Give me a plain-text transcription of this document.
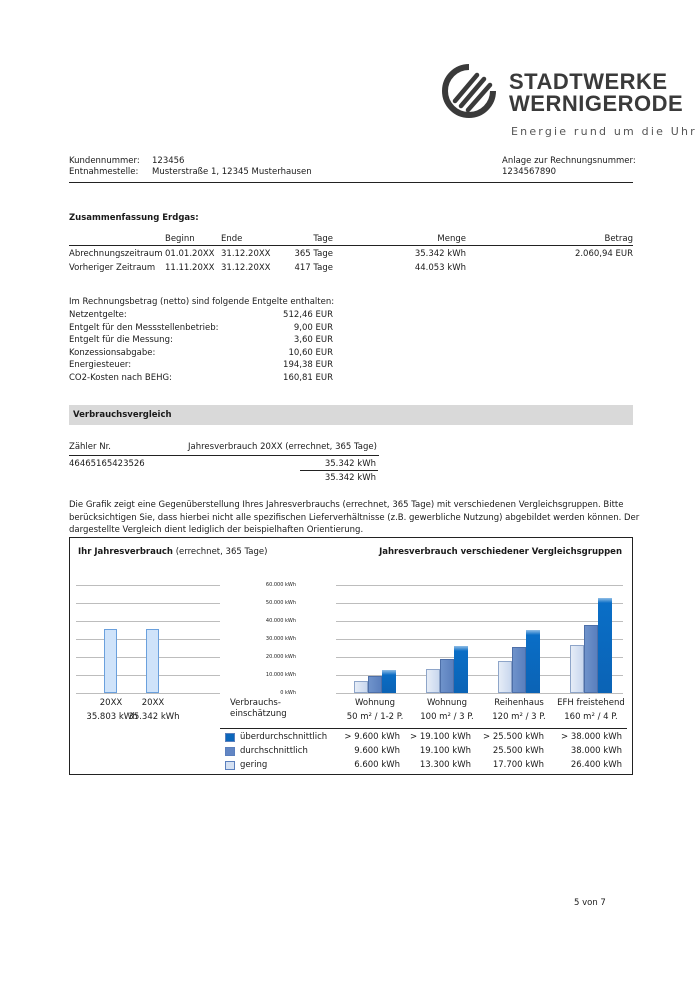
STADTWERKE
WERNIGERODE
Energie rund um die Uhr
Kundennummer: 123456
Entnahmestelle: Musterstraße 1, 12345 Musterhausen
Anlage zur Rechnungsnummer:
1234567890
Zusammenfassung Erdgas:
Beginn	Ende	Tage	Menge	Betrag
Abrechnungszeitraum 01.01.20XX 31.12.20XX	365 Tage	35.342 kWh	2.060,94 EUR
Vorheriger Zeitraum 11.11.20XX 31.12.20XX	417 Tage	44.053 kWh
Im Rechnungsbetrag (netto) sind folgende Entgelte enthalten:
Netzentgelte:	512,46 EUR
Entgelt für den Messstellenbetrieb:	9,00 EUR
Entgelt für die Messung:	3,60 EUR
Konzessionsabgabe:	10,60 EUR
Energiesteuer:	194,38 EUR
CO2-Kosten nach BEHG:	160,81 EUR
Verbrauchsvergleich
Zähler Nr.	Jahresverbrauch 20XX (errechnet, 365 Tage)
46465165423526	35.342 kWh
35.342 kWh
Die Grafik zeigt eine Gegenüberstellung Ihres Jahresverbrauchs (errechnet, 365 Tage) mit verschiedenen Vergleichsgruppen. Bitte
berücksichtigen Sie, dass hierbei nicht alle spezifischen Lieferverhältnisse (z.B. gewerbliche Nutzung) abgebildet werden können. Der
dargestellte Vergleich dient lediglich der beispielhaften Orientierung.
Ihr Jahresverbrauch (errechnet, 365 Tage)	Jahresverbrauch verschiedener Vergleichsgruppen
60.000 kWh
50.000 kWh
40.000 kWh
30.000 kWh
20.000 kWh
10.000 kWh
0 kWh
20XX
35.803 kWh
20XX
35.342 kWh
Verbrauchs-
einschätzung
Wohnung
50 m² / 1-2 P.
Wohnung
100 m² / 3 P.
Reihenhaus
120 m² / 3 P.
EFH freistehend
160 m² / 4 P.
überdurchschnittlich	> 9.600 kWh	> 19.100 kWh	> 25.500 kWh	> 38.000 kWh
durchschnittlich	9.600 kWh	19.100 kWh	25.500 kWh	38.000 kWh
gering	6.600 kWh	13.300 kWh	17.700 kWh	26.400 kWh
5 von 7
